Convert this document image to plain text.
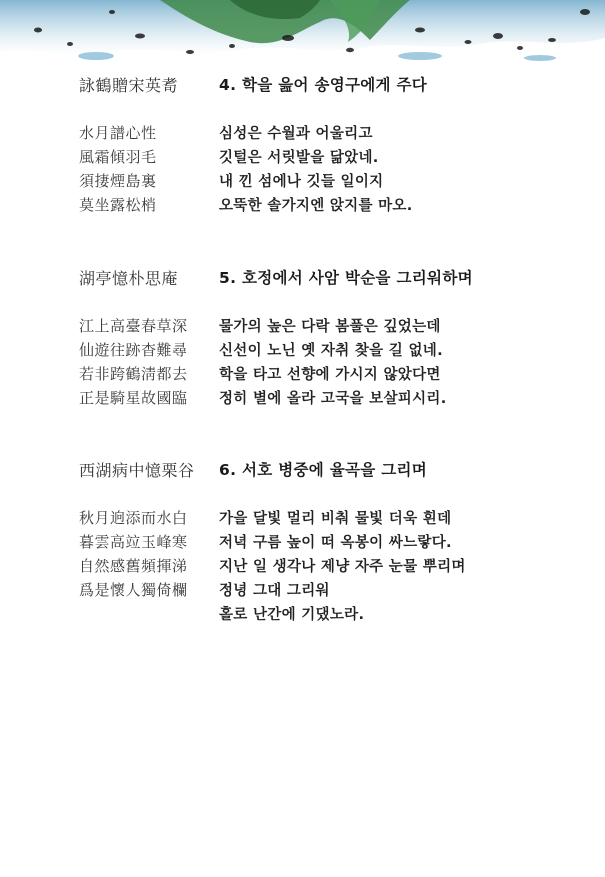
詠鶴贈宋英耉	4. 학을 읊어 송영구에게 주다
水月譜心性	심성은 수월과 어울리고
風霜傾羽毛	깃털은 서릿발을 닮았네.
須捿煙島裏	내 낀 섬에나 깃들 일이지
莫坐露松梢	오뚝한 솔가지엔 앉지를 마오.
湖亭憶朴思庵	5. 호정에서 사암 박순을 그리워하며
江上高臺春草深 물가의 높은 다락 봄풀은 깊었는데
仙遊往跡杳難尋 신선이 노닌 옛 자취 찾을 길 없네.
若非跨鶴淸都去 학을 타고 선향에 가시지 않았다면
正是騎星故國臨 정히 별에 올라 고국을 보살피시리.
西湖病中憶栗谷 6. 서호 병중에 율곡을 그리며
秋月逈添而水白 가을 달빛 멀리 비춰 물빛 더욱 흰데
暮雲高竝玉峰寒 저녁 구름 높이 떠 옥봉이 싸느랗다.
自然感舊頻揮涕 지난 일 생각나 제냥 자주 눈물 뿌리며
爲是懷人獨倚欄 정녕 그대 그리워
홀로 난간에 기댔노라.
